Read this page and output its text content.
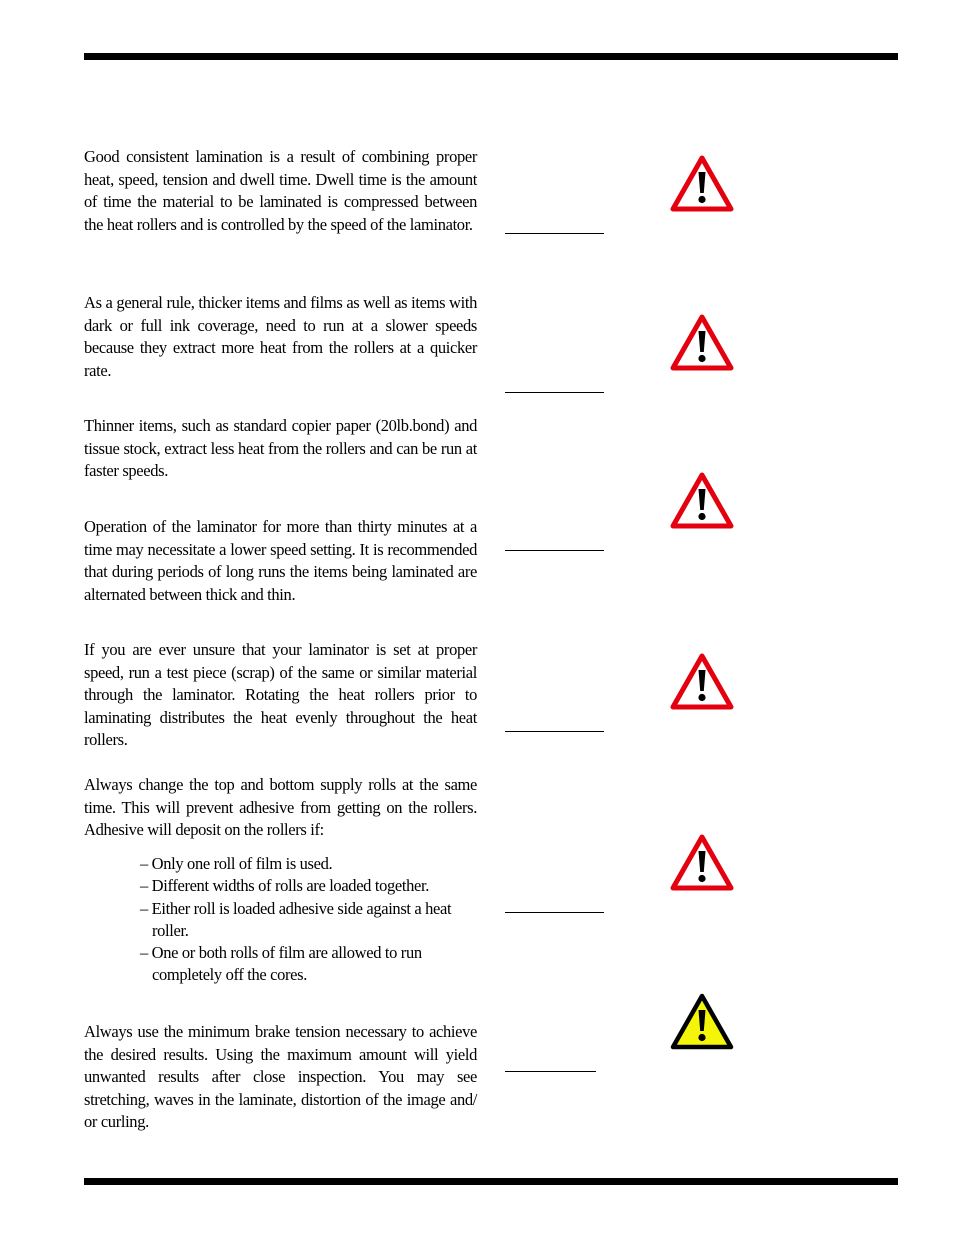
Good consistent lamination is a result of combining proper heat, speed, tension and dwell time. Dwell time is the amount of time the material to be laminated is compressed between the heat rollers and is controlled by the speed of the laminator.

As a general rule, thicker items and films as well as items with dark or full ink coverage, need to run at a slower speeds because they extract more heat from the rollers at a quicker rate.

Thinner items, such as standard copier paper (20lb.bond) and tissue stock, extract less heat from the rollers and can be run at faster speeds.

Operation of the laminator for more than thirty minutes at a time may necessitate a lower speed setting. It is recommended that during periods of long runs the items being laminated are alternated between thick and thin.

If you are ever unsure that your laminator is set at proper speed, run a test piece (scrap) of the same or similar material through the laminator. Rotating the heat rollers prior to laminating distributes the heat evenly throughout the heat rollers.

Always change the top and bottom supply rolls at the same time. This will prevent adhesive from getting on the rollers. Adhesive will deposit on the rollers if:

– Only one roll of film is used.
– Different widths of rolls are loaded together.
– Either roll is loaded adhesive side against a heat roller.
– One or both rolls of film are allowed to run completely off the cores.

Always use the minimum brake tension necessary to achieve the desired results. Using the maximum amount will yield unwanted results after close inspection. You may see stretching, waves in the laminate, distortion of the image and/ or curling.
